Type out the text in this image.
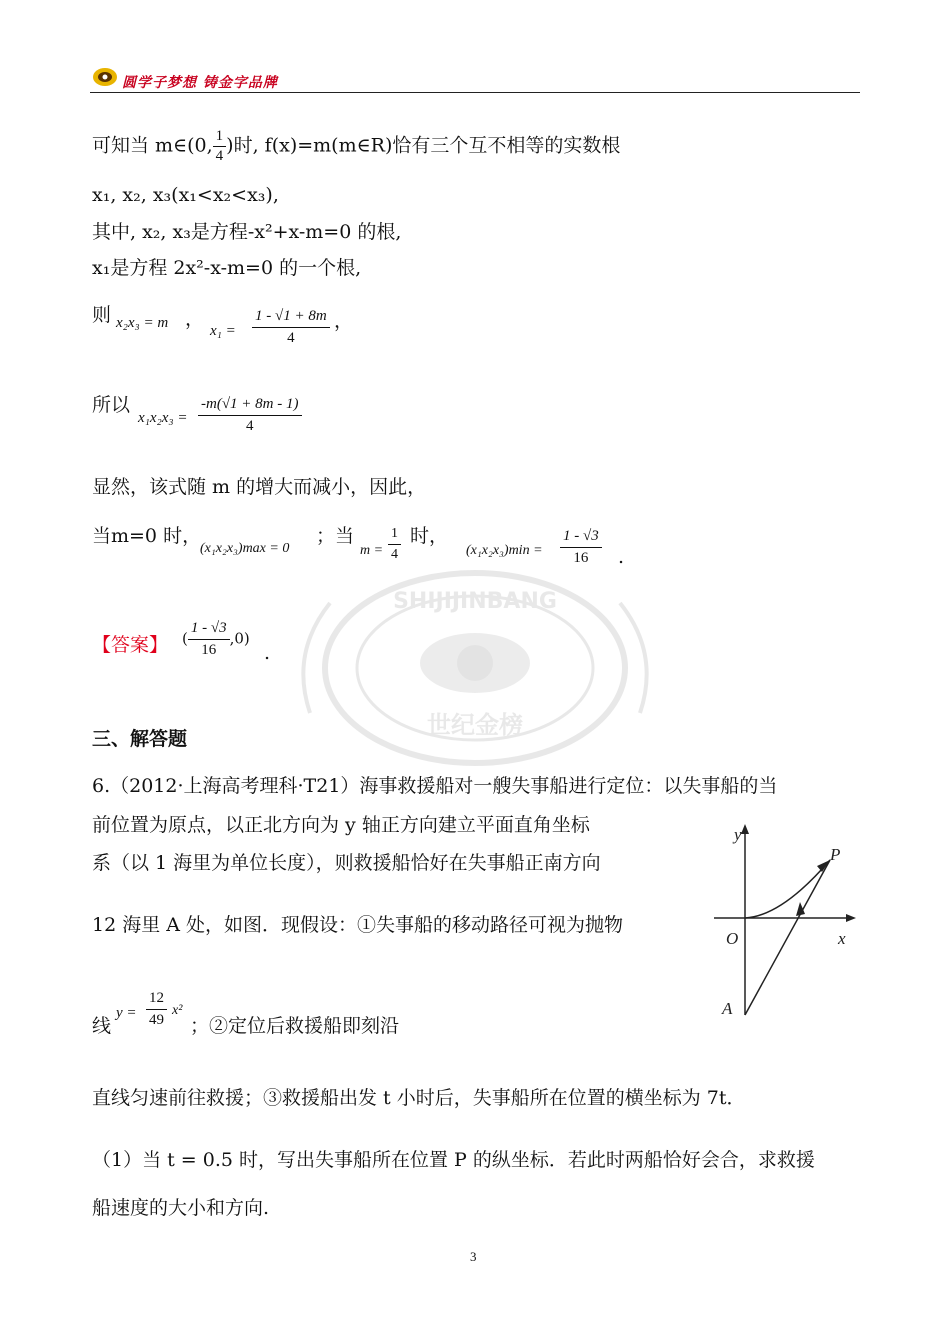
圆学子梦想 铸金字品牌
SHIJIJINBANG
世纪金榜
可知当 m∈(0, $\frac{1}{4}$ )时, f(x)=m(m∈R)恰有三个互不相等的实数根
x₁, x₂, x₃(x₁<x₂<x₃),
其中, x₂, x₃是方程-x²+x-m=0 的根,
x₁是方程 2x²-x-m=0 的一个根,
则 x₂x₃ = m ，
$x_1 = \frac{1 - √1 + 8m}{4}$ ，
所以
$x_1x_2x_3 = \frac{-m(√1 + 8m - 1)}{4}$
显然，该式随 m 的增大而减小，因此，
当m=0 时，
(x₁x₂x₃)max = 0
；当
$m = \frac{1}{4}$ 时，
$(x_1x_2x_3)\min = \frac{1 - √3}{16}$ .
【答案】 ( $\frac{1 - √3}{16} ,0$)
.
三、解答题
6.（2012·上海高考理科·T21）海事救援船对一艘失事船进行定位：以失事船的当
前位置为原点，以正北方向为 y 轴正方向建立平面直角坐标
系（以 1 海里为单位长度），则救援船恰好在失事船正南方向
12 海里 A 处，如图．现假设：①失事船的移动路径可视为抛物
线
$y = \frac{12}{49} x^2$
；②定位后救援船即刻沿
直线匀速前往救援；③救援船出发 t 小时后，失事船所在位置的横坐标为 7t．
（1）当 t = 0.5 时，写出失事船所在位置 P 的纵坐标．若此时两船恰好会合，求救援
船速度的大小和方向.
y
x
O
P
A
3
